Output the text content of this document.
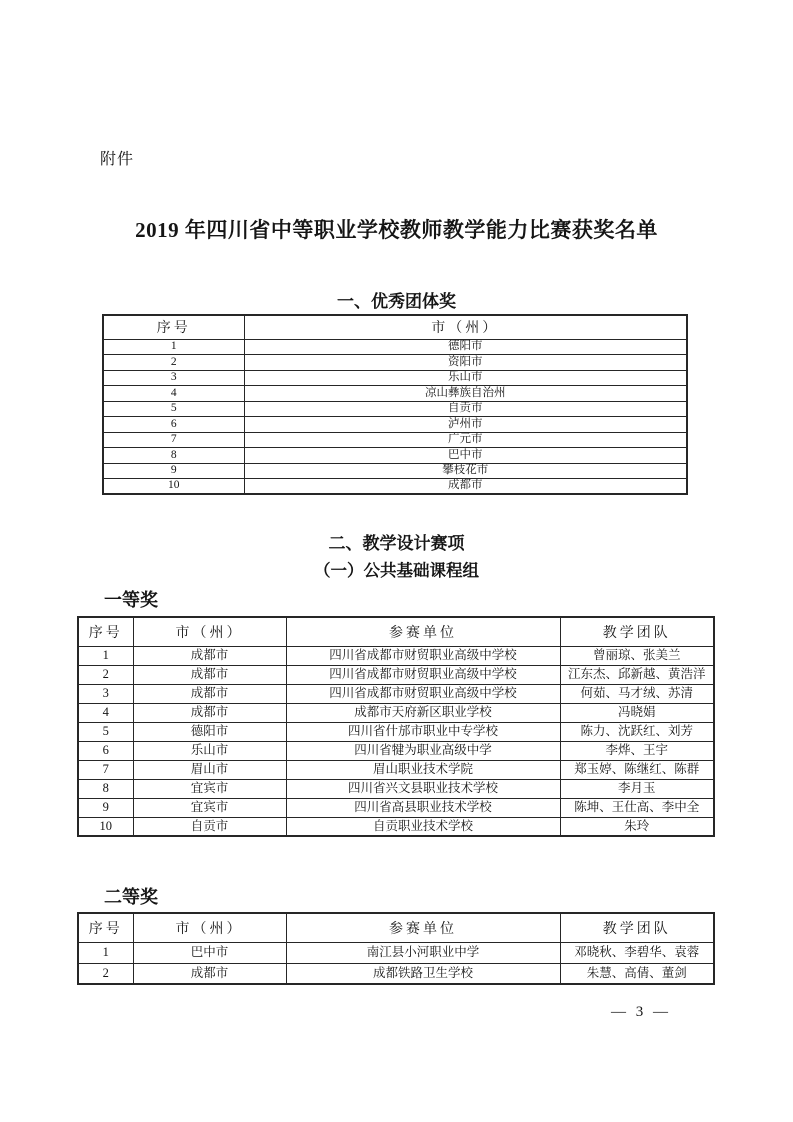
附件
2019 年四川省中等职业学校教师教学能力比赛获奖名单
一、优秀团体奖
序号	市（州）
1	德阳市
2	资阳市
3	乐山市
4	凉山彝族自治州
5	自贡市
6	泸州市
7	广元市
8	巴中市
9	攀枝花市
10	成都市
二、教学设计赛项
（一）公共基础课程组
一等奖
序号	市（州）	参赛单位	教学团队
1	成都市	四川省成都市财贸职业高级中学校	曾丽琼、张美兰
2	成都市	四川省成都市财贸职业高级中学校	江东杰、邱新越、黄浩洋
3	成都市	四川省成都市财贸职业高级中学校	何茹、马才绒、苏清
4	成都市	成都市天府新区职业学校	冯晓娟
5	德阳市	四川省什邡市职业中专学校	陈力、沈跃红、刘芳
6	乐山市	四川省犍为职业高级中学	李烨、王宇
7	眉山市	眉山职业技术学院	郑玉婷、陈继红、陈群
8	宜宾市	四川省兴文县职业技术学校	李月玉
9	宜宾市	四川省高县职业技术学校	陈坤、王仕高、李中全
10	自贡市	自贡职业技术学校	朱玲
二等奖
序号	市（州）	参赛单位	教学团队
1	巴中市	南江县小河职业中学	邓晓秋、李碧华、袁蓉
2	成都市	成都铁路卫生学校	朱慧、高倩、董剑
— 3 —
